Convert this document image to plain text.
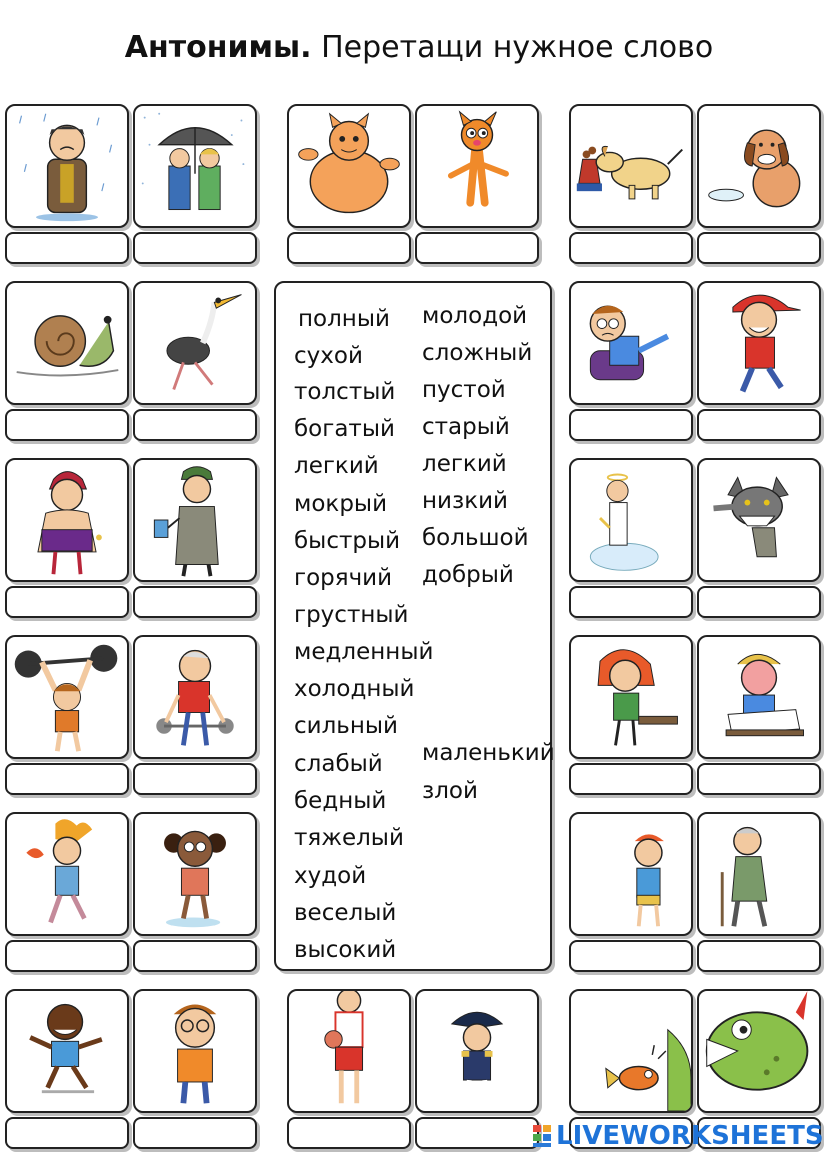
Антонимы. Перетащи нужное слово
полный
сухой
толстый
богатый
легкий
мокрый
быстрый
горячий
грустный
медленный
холодный
сильный
слабый
бедный
тяжелый
худой
веселый
высокий
молодой
сложный
пустой
старый
легкий
низкий
большой
добрый
маленький
злой
LIVEWORKSHEETS
